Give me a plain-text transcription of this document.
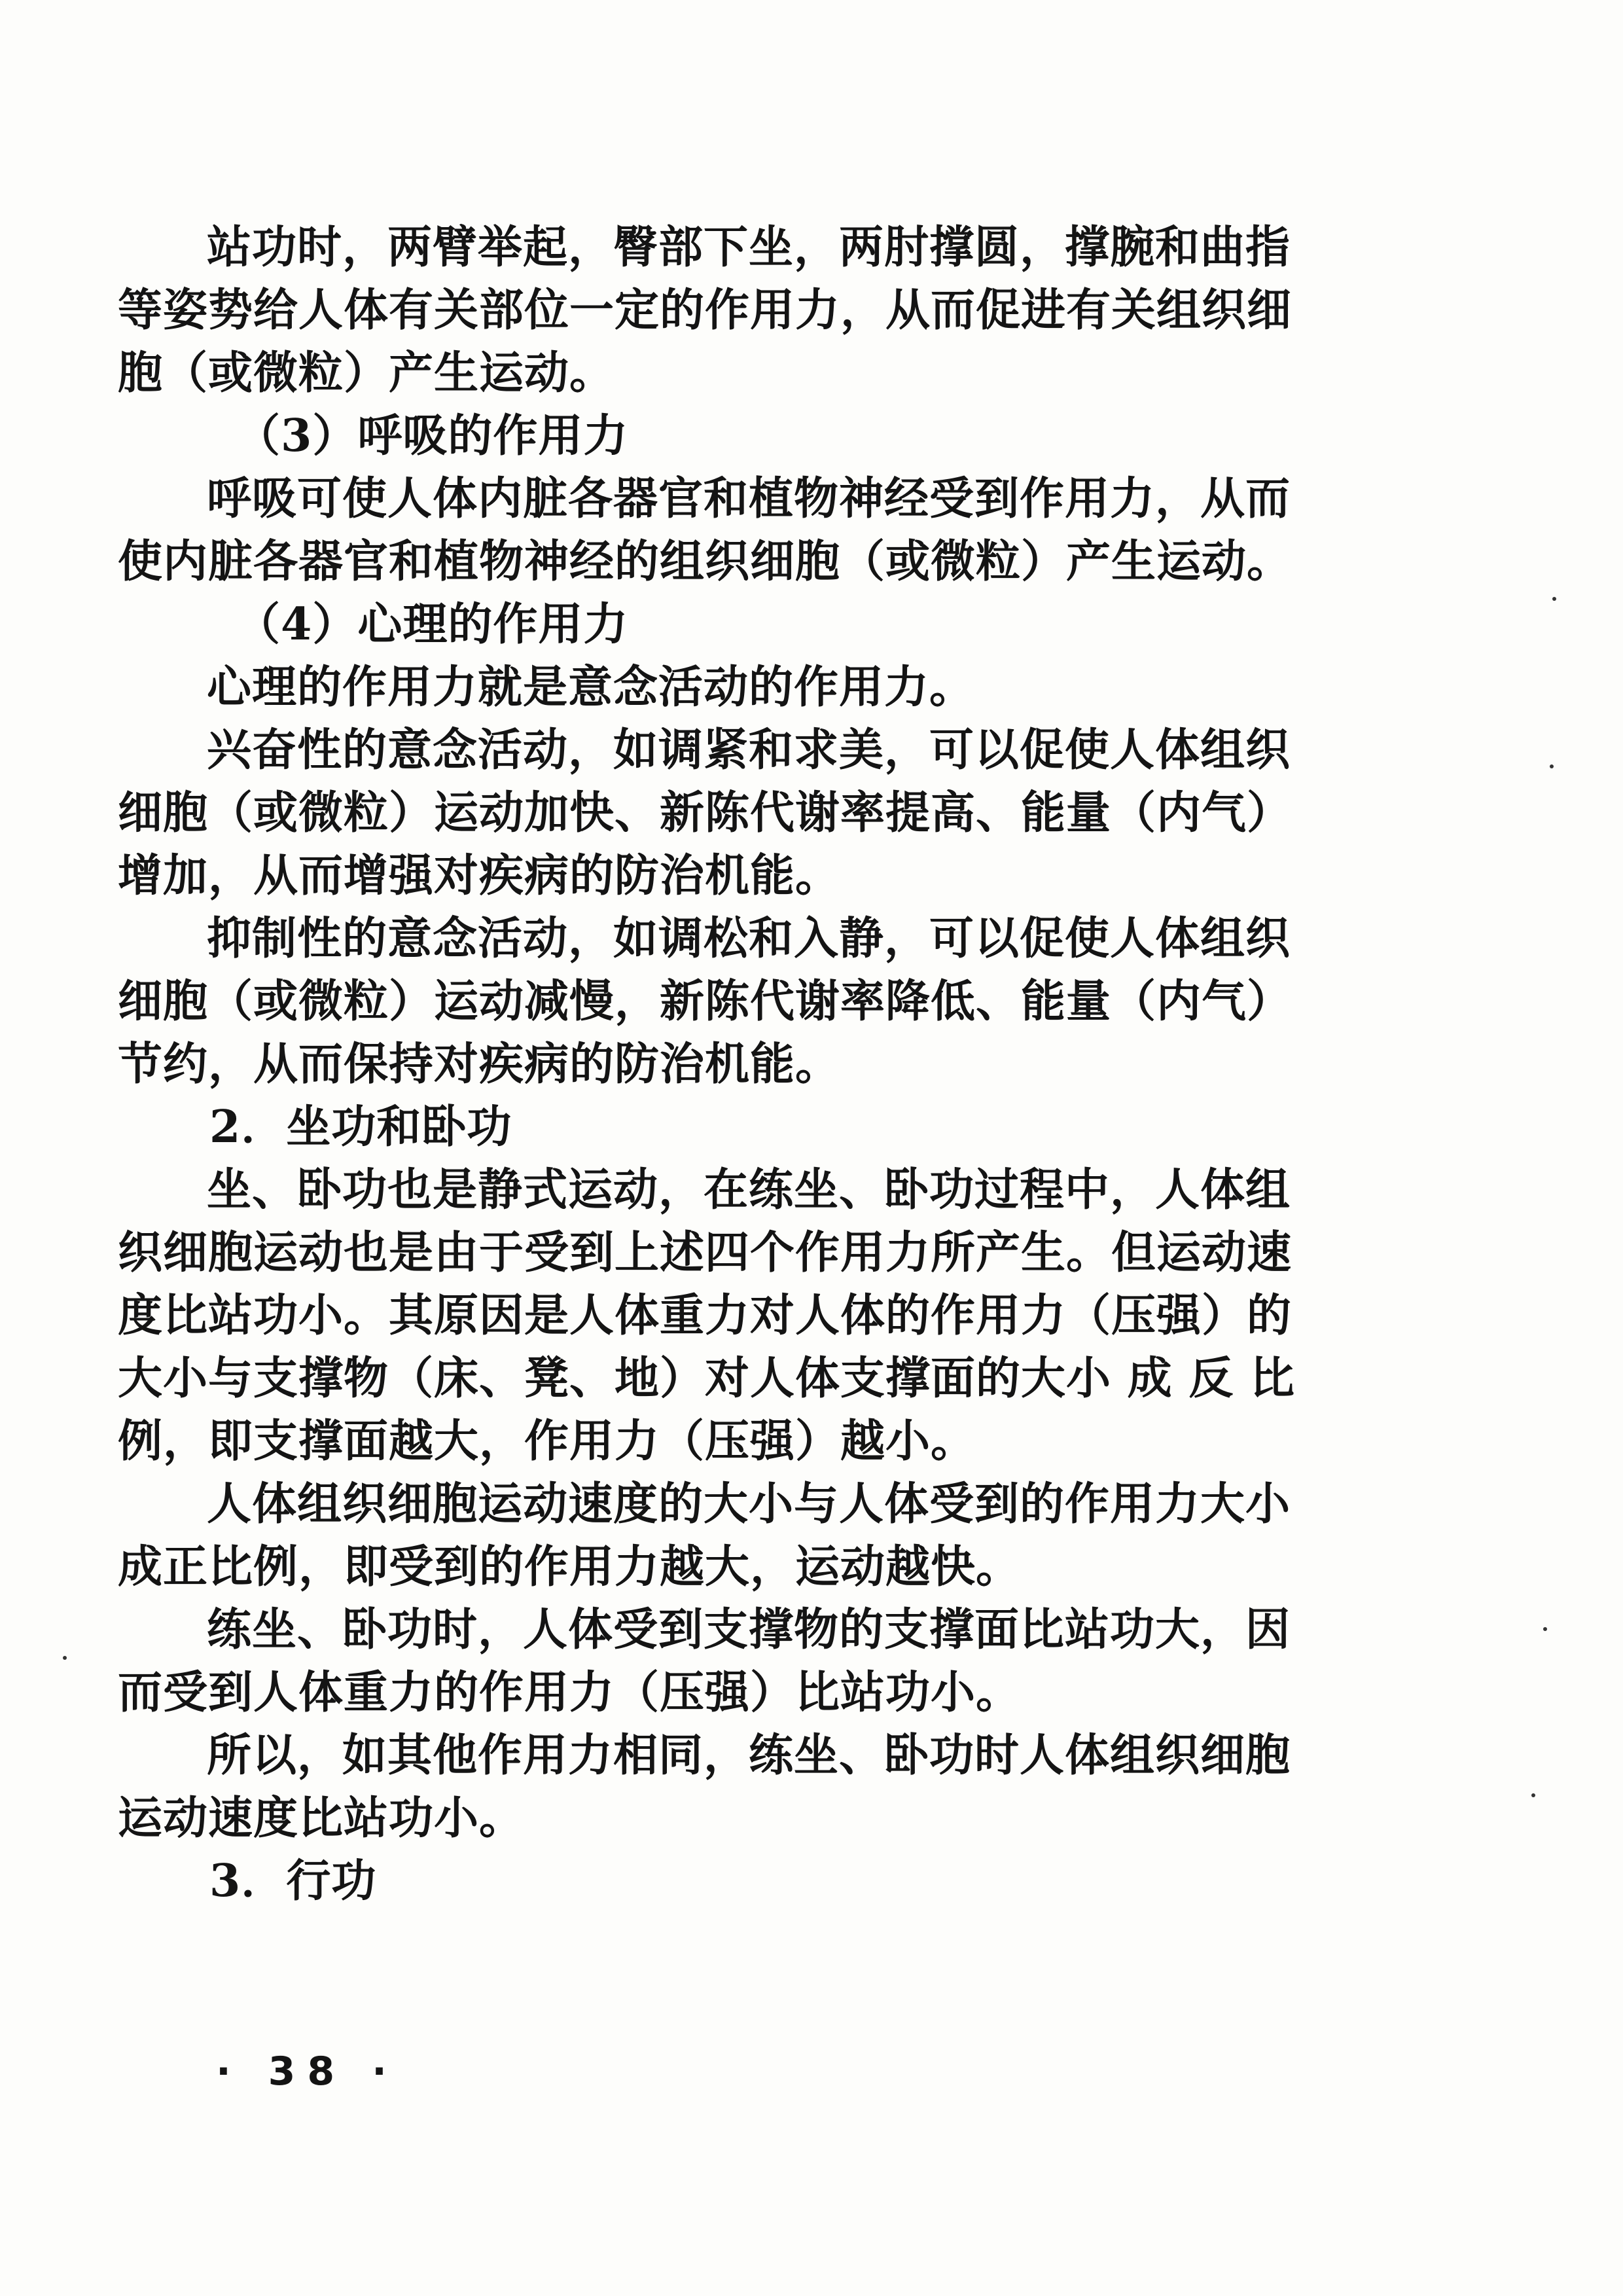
站功时，两臂举起，臀部下坐，两肘撑圆，撑腕和曲指
等姿势给人体有关部位一定的作用力，从而促进有关组织细
胞（或微粒）产生运动。
（3）呼吸的作用力
呼吸可使人体内脏各器官和植物神经受到作用力，从而
使内脏各器官和植物神经的组织细胞（或微粒）产生运动。
（4）心理的作用力
心理的作用力就是意念活动的作用力。
兴奋性的意念活动，如调紧和求美，可以促使人体组织
细胞（或微粒）运动加快、新陈代谢率提高、能量（内气）
增加，从而增强对疾病的防治机能。
抑制性的意念活动，如调松和入静，可以促使人体组织
细胞（或微粒）运动减慢，新陈代谢率降低、能量（内气）
节约，从而保持对疾病的防治机能。
2．坐功和卧功
坐、卧功也是静式运动，在练坐、卧功过程中，人体组
织细胞运动也是由于受到上述四个作用力所产生。但运动速
度比站功小。其原因是人体重力对人体的作用力（压强）的
大小与支撑物（床、凳、地）对人体支撑面的大小 成 反 比
例，即支撑面越大，作用力（压强）越小。
人体组织细胞运动速度的大小与人体受到的作用力大小
成正比例，即受到的作用力越大，运动越快。
练坐、卧功时，人体受到支撑物的支撑面比站功大，因
而受到人体重力的作用力（压强）比站功小。
所以，如其他作用力相同，练坐、卧功时人体组织细胞
运动速度比站功小。
3．行功
· 38 ·
